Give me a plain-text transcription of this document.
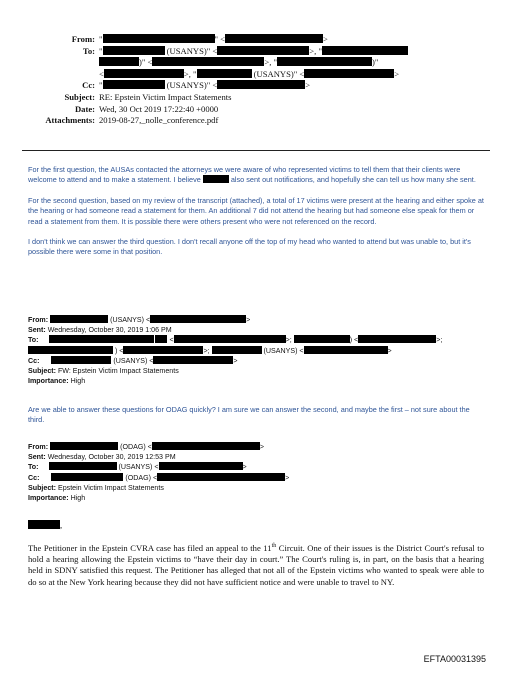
From: "	" <	>
To: "	(USANYS)" <	>, "
)" <	>, "	)"
<	>, "	(USANYS)" <	>
Cc: "	(USANYS)" <	>
Subject: RE: Epstein Victim Impact Statements
Date: Wed, 30 Oct 2019 17:22:40 +0000
Attachments: 2019-08-27,_nolle_conference.pdf

For the first question, the AUSAs contacted the attorneys we were aware of who represented victims to tell them that their clients were welcome to attend and to make a statement. I believe	also sent out notifications, and hopefully she can tell us how many she sent.

For the second question, based on my review of the transcript (attached), a total of 17 victims were present at the hearing and either spoke at the hearing or had someone read a statement for them. An additional 7 did not attend the hearing but had someone else speak for them or read a statement from them. It is possible there were others present who were not referenced on the record.

I don't think we can answer the third question. I don't recall anyone off the top of my head who wanted to attend but was unable to, but it's possible there were some in that position.

From:	(USANYS) <	>
Sent: Wednesday, October 30, 2019 1:06 PM
To:	<	>;	) <	>;
) <	>;	(USANYS) <	>
Cc:	(USANYS) <	>
Subject: FW: Epstein Victim Impact Statements
Importance: High

Are we able to answer these questions for ODAG quickly? I am sure we can answer the second, and maybe the first – not sure about the third.

From:	(ODAG) <	>
Sent: Wednesday, October 30, 2019 12:53 PM
To:	(USANYS) <	>
Cc:	(ODAG) <	>
Subject: Epstein Victim Impact Statements
Importance: High

,

The Petitioner in the Epstein CVRA case has filed an appeal to the 11th Circuit. One of their issues is the District Court's refusal to hold a hearing allowing the Epstein victims to “have their day in court.” The Court's ruling is, in part, on the basis that a hearing held in SDNY satisfied this request. The Petitioner has alleged that not all of the Epstein victims who wanted to speak were able to do so at the New York hearing because they did not have sufficient notice and were unable to travel to NY.

EFTA00031395
